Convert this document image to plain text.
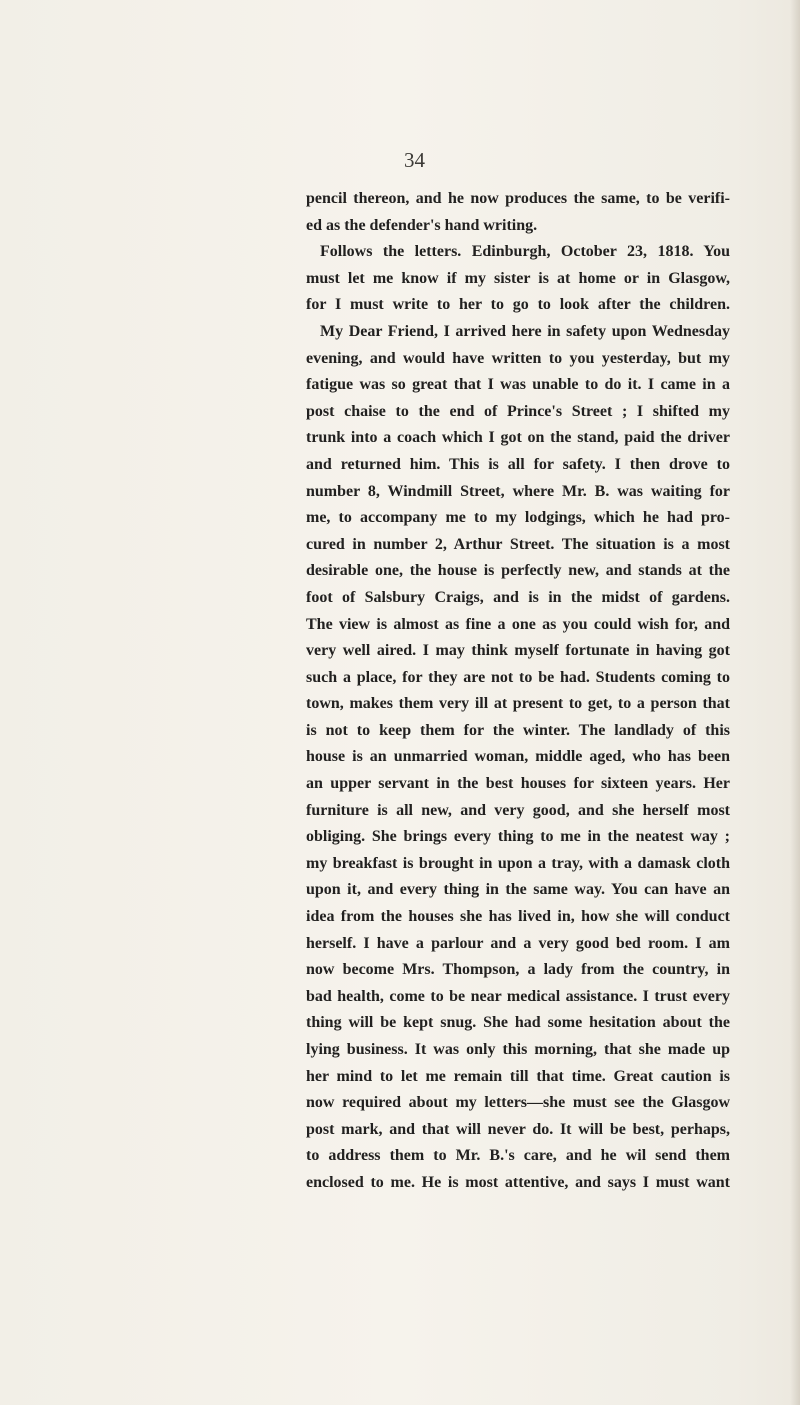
34

pencil thereon, and he now produces the same, to be verifi-
ed as the defender's hand writing.
Follows the letters. Edinburgh, October 23, 1818. You
must let me know if my sister is at home or in Glasgow,
for I must write to her to go to look after the children.
My Dear Friend, I arrived here in safety upon Wednesday
evening, and would have written to you yesterday, but my
fatigue was so great that I was unable to do it. I came in a
post chaise to the end of Prince's Street ; I shifted my
trunk into a coach which I got on the stand, paid the driver
and returned him. This is all for safety. I then drove to
number 8, Windmill Street, where Mr. B. was waiting for
me, to accompany me to my lodgings, which he had pro-
cured in number 2, Arthur Street. The situation is a most
desirable one, the house is perfectly new, and stands at the
foot of Salsbury Craigs, and is in the midst of gardens.
The view is almost as fine a one as you could wish for, and
very well aired. I may think myself fortunate in having got
such a place, for they are not to be had. Students coming to
town, makes them very ill at present to get, to a person that
is not to keep them for the winter. The landlady of this
house is an unmarried woman, middle aged, who has been
an upper servant in the best houses for sixteen years. Her
furniture is all new, and very good, and she herself most
obliging. She brings every thing to me in the neatest way ;
my breakfast is brought in upon a tray, with a damask cloth
upon it, and every thing in the same way. You can have an
idea from the houses she has lived in, how she will conduct
herself. I have a parlour and a very good bed room. I am
now become Mrs. Thompson, a lady from the country, in
bad health, come to be near medical assistance. I trust every
thing will be kept snug. She had some hesitation about the
lying business. It was only this morning, that she made up
her mind to let me remain till that time. Great caution is
now required about my letters—she must see the Glasgow
post mark, and that will never do. It will be best, perhaps,
to address them to Mr. B.'s care, and he wil send them
enclosed to me. He is most attentive, and says I must want
